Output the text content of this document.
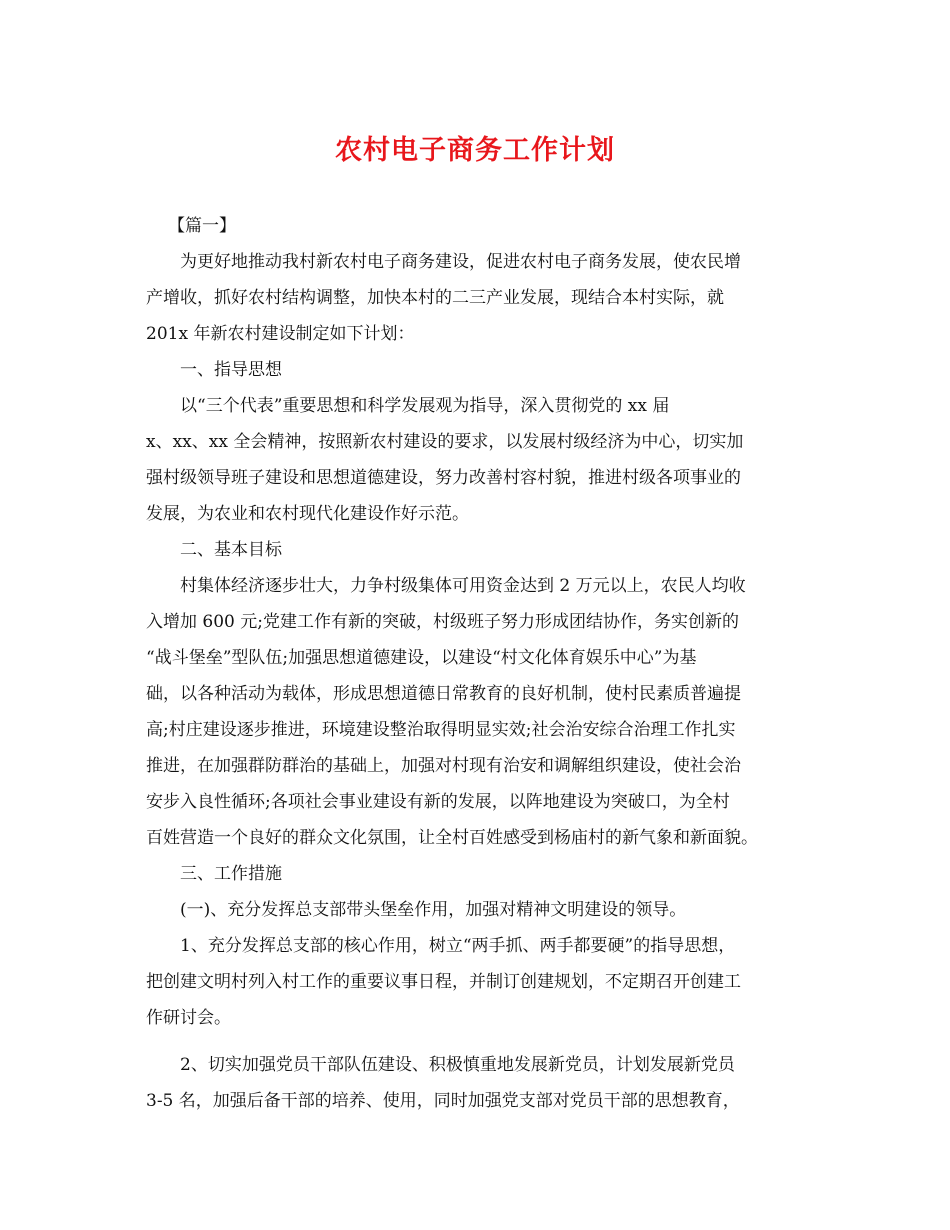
农村电子商务工作计划
【篇一】
为更好地推动我村新农村电子商务建设，促进农村电子商务发展，使农民增
产增收，抓好农村结构调整，加快本村的二三产业发展，现结合本村实际，就
201x 年新农村建设制定如下计划：
一、指导思想
以“三个代表”重要思想和科学发展观为指导，深入贯彻党的 xx 届
x、xx、xx 全会精神，按照新农村建设的要求，以发展村级经济为中心，切实加
强村级领导班子建设和思想道德建设，努力改善村容村貌，推进村级各项事业的
发展，为农业和农村现代化建设作好示范。
二、基本目标
村集体经济逐步壮大，力争村级集体可用资金达到 2 万元以上，农民人均收
入增加 600 元;党建工作有新的突破，村级班子努力形成团结协作，务实创新的
“战斗堡垒”型队伍;加强思想道德建设，以建设“村文化体育娱乐中心”为基
础，以各种活动为载体，形成思想道德日常教育的良好机制，使村民素质普遍提
高;村庄建设逐步推进，环境建设整治取得明显实效;社会治安综合治理工作扎实
推进，在加强群防群治的基础上，加强对村现有治安和调解组织建设，使社会治
安步入良性循环;各项社会事业建设有新的发展，以阵地建设为突破口，为全村
百姓营造一个良好的群众文化氛围，让全村百姓感受到杨庙村的新气象和新面貌。
三、工作措施
(一)、充分发挥总支部带头堡垒作用，加强对精神文明建设的领导。
1、充分发挥总支部的核心作用，树立“两手抓、两手都要硬”的指导思想，
把创建文明村列入村工作的重要议事日程，并制订创建规划，不定期召开创建工
作研讨会。
2、切实加强党员干部队伍建设、积极慎重地发展新党员，计划发展新党员
3-5 名，加强后备干部的培养、使用，同时加强党支部对党员干部的思想教育，
